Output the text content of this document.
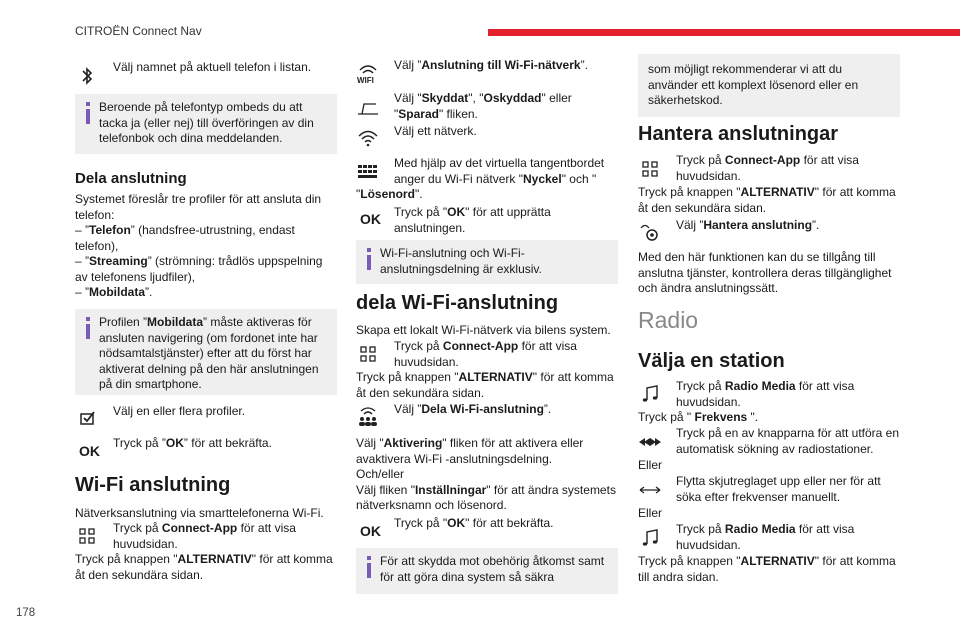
CITROËN Connect Nav
178
Välj namnet på aktuell telefon i listan.
Beroende på telefontyp ombeds du att tacka ja (eller nej) till överföringen av din telefonbok och dina meddelanden.
Dela anslutning
Systemet föreslår tre profiler för att ansluta din telefon:
– ”Telefon” (handsfree-utrustning, endast telefon),
– ”Streaming” (strömning: trådlös uppspelning av telefonens ljudfiler),
– ”Mobildata”.
Profilen ”Mobildata” måste aktiveras för ansluten navigering (om fordonet inte har nödsamtalstjänster) efter att du först har aktiverat delning på den här anslutningen på din smartphone.
Välj en eller flera profiler.
OK	Tryck på ”OK” för att bekräfta.
Wi-Fi anslutning
Nätverksanslutning via smarttelefonerna Wi-Fi.
Tryck på Connect-App för att visa huvudsidan.
Tryck på knappen "ALTERNATIV" för att komma åt den sekundära sidan.
WIFI
Välj ”Anslutning till Wi-Fi-nätverk”.
Välj "Skyddat", "Oskyddad" eller "Sparad" fliken.
Välj ett nätverk.
Med hjälp av det virtuella tangentbordet anger du Wi-Fi nätverk "Nyckel" och "
"Lösenord".
OK	Tryck på "OK" för att upprätta anslutningen.
Wi-Fi-anslutning och Wi-Fi-anslutningsdelning är exklusiv.
dela Wi-Fi-anslutning
Skapa ett lokalt Wi-Fi-nätverk via bilens system.
Tryck på Connect-App för att visa huvudsidan.
Tryck på knappen "ALTERNATIV" för att komma åt den sekundära sidan.
Välj ”Dela Wi-Fi-anslutning”.
Välj "Aktivering" fliken för att aktivera eller avaktivera Wi-Fi -anslutningsdelning.
Och/eller
Välj fliken "Inställningar" för att ändra systemets nätverksnamn och lösenord.
OK	Tryck på "OK" för att bekräfta.
För att skydda mot obehörig åtkomst samt för att göra dina system så säkra
som möjligt rekommenderar vi att du använder ett komplext lösenord eller en säkerhetskod.
Hantera anslutningar
Tryck på Connect-App för att visa huvudsidan.
Tryck på knappen "ALTERNATIV" för att komma åt den sekundära sidan.
Välj ”Hantera anslutning”.
Med den här funktionen kan du se tillgång till anslutna tjänster, kontrollera deras tillgänglighet och ändra anslutningssätt.
Radio
Välja en station
Tryck på Radio Media för att visa huvudsidan.
Tryck på " Frekvens ".
Tryck på en av knapparna för att utföra en automatisk sökning av radiostationer.
Eller
Flytta skjutreglaget upp eller ner för att söka efter frekvenser manuellt.
Eller
Tryck på Radio Media för att visa huvudsidan.
Tryck på knappen "ALTERNATIV" för att komma till andra sidan.
